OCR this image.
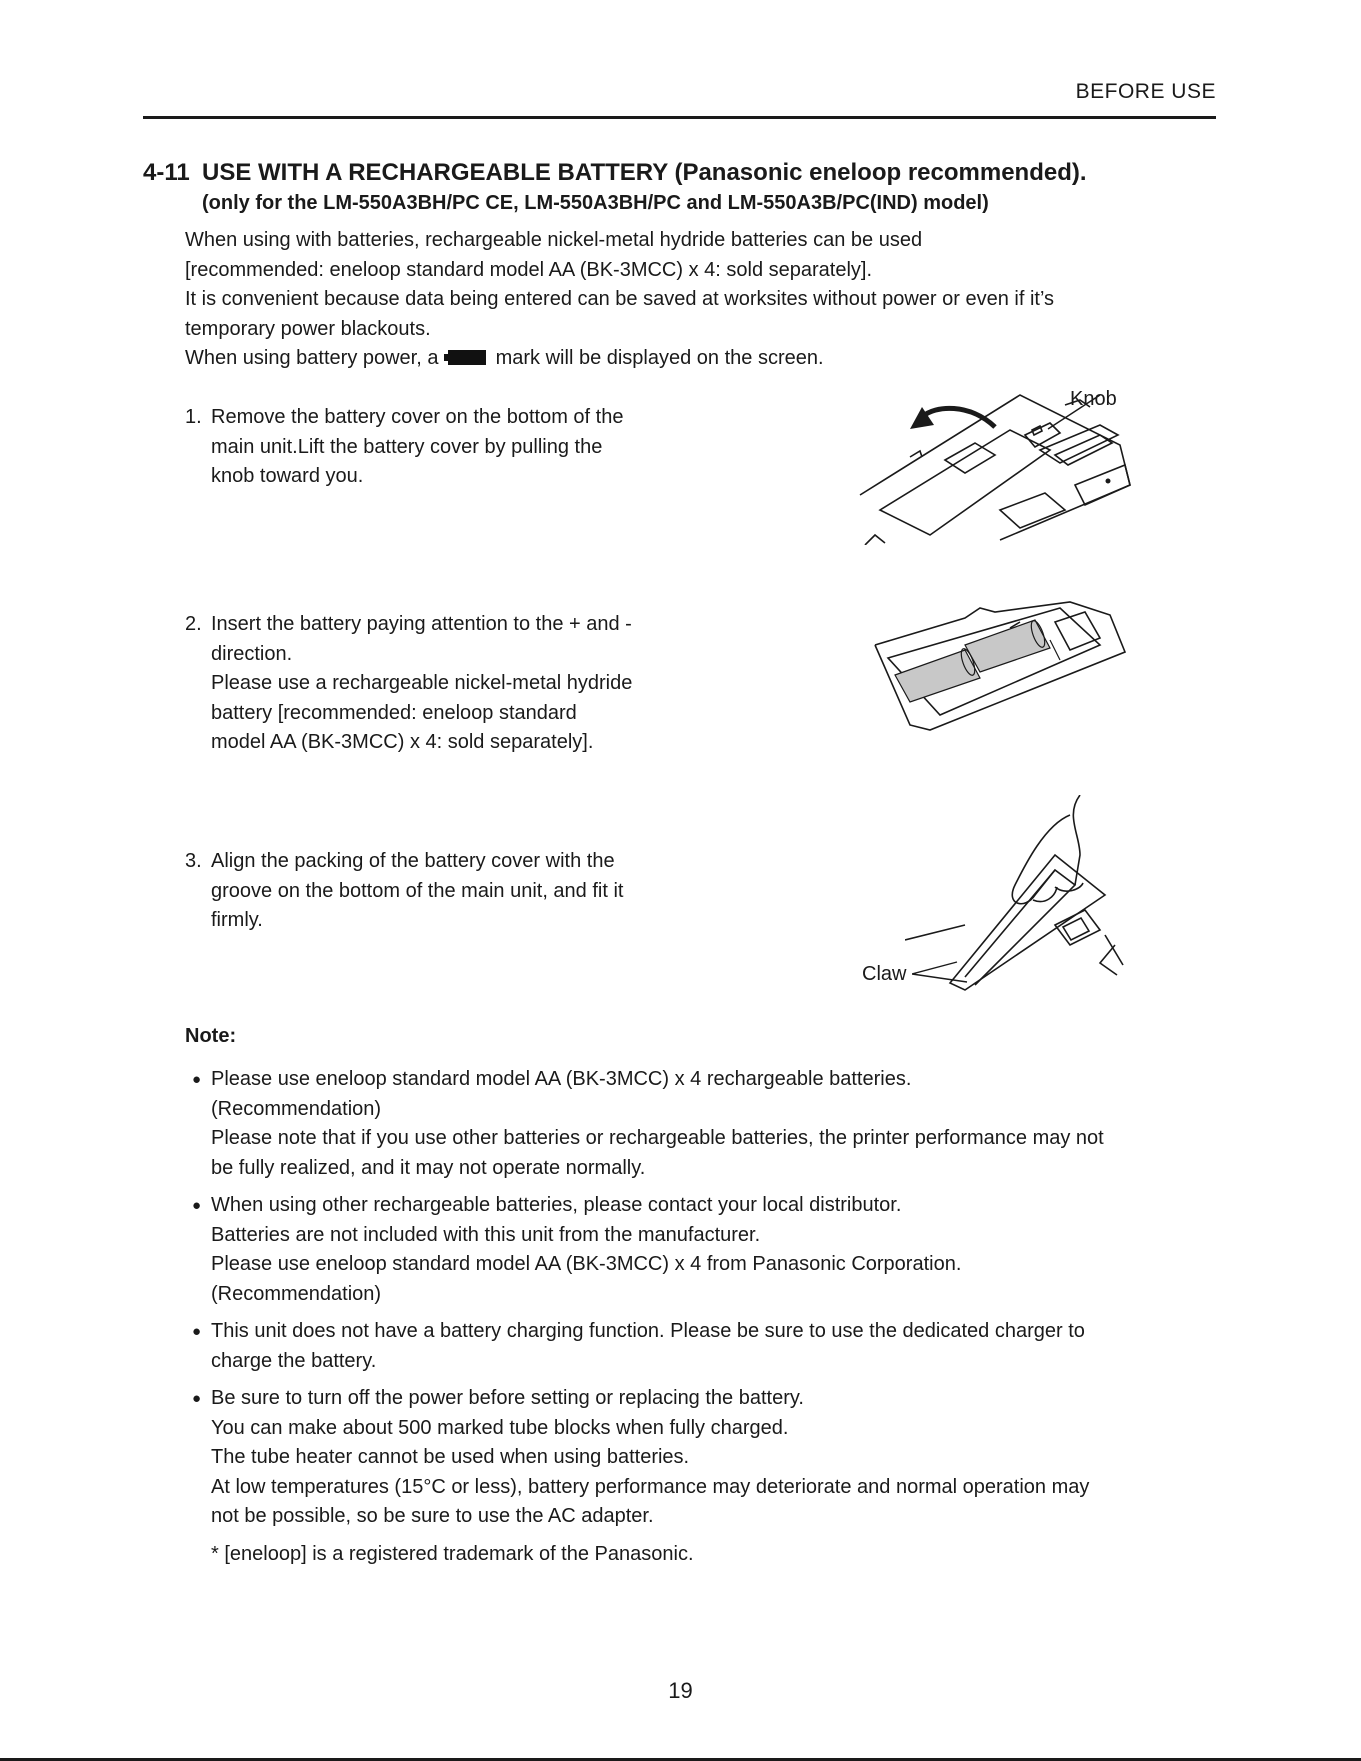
BEFORE USE
4-11 USE WITH A RECHARGEABLE BATTERY (Panasonic eneloop recommended).
(only for the LM-550A3BH/PC CE, LM-550A3BH/PC and LM-550A3B/PC(IND) model)

When using with batteries, rechargeable nickel-metal hydride batteries can be used

[recommended: eneloop standard model AA (BK-3MCC) x 4: sold separately].

It is convenient because data being entered can be saved at worksites without power or even if it’s

temporary power blackouts.

When using battery power, a	mark will be displayed on the screen.

1. Remove the battery cover on the bottom of the
main unit.Lift the battery cover by pulling the
knob toward you.
Knob
2. Insert the battery paying attention to the + and -
direction.
Please use a rechargeable nickel-metal hydride
battery [recommended: eneloop standard
model AA (BK-3MCC) x 4: sold separately].
3. Align the packing of the battery cover with the
groove on the bottom of the main unit, and fit it
firmly.
Claw
Note:
● Please use eneloop standard model AA (BK-3MCC) x 4 rechargeable batteries.
(Recommendation)
Please note that if you use other batteries or rechargeable batteries, the printer performance may not
be fully realized, and it may not operate normally.
● When using other rechargeable batteries, please contact your local distributor.
Batteries are not included with this unit from the manufacturer.
Please use eneloop standard model AA (BK-3MCC) x 4 from Panasonic Corporation.
(Recommendation)
● This unit does not have a battery charging function. Please be sure to use the dedicated charger to
charge the battery.
● Be sure to turn off the power before setting or replacing the battery.
You can make about 500 marked tube blocks when fully charged.
The tube heater cannot be used when using batteries.
At low temperatures (15°C or less), battery performance may deteriorate and normal operation may
not be possible, so be sure to use the AC adapter.
* [eneloop] is a registered trademark of the Panasonic.
19
